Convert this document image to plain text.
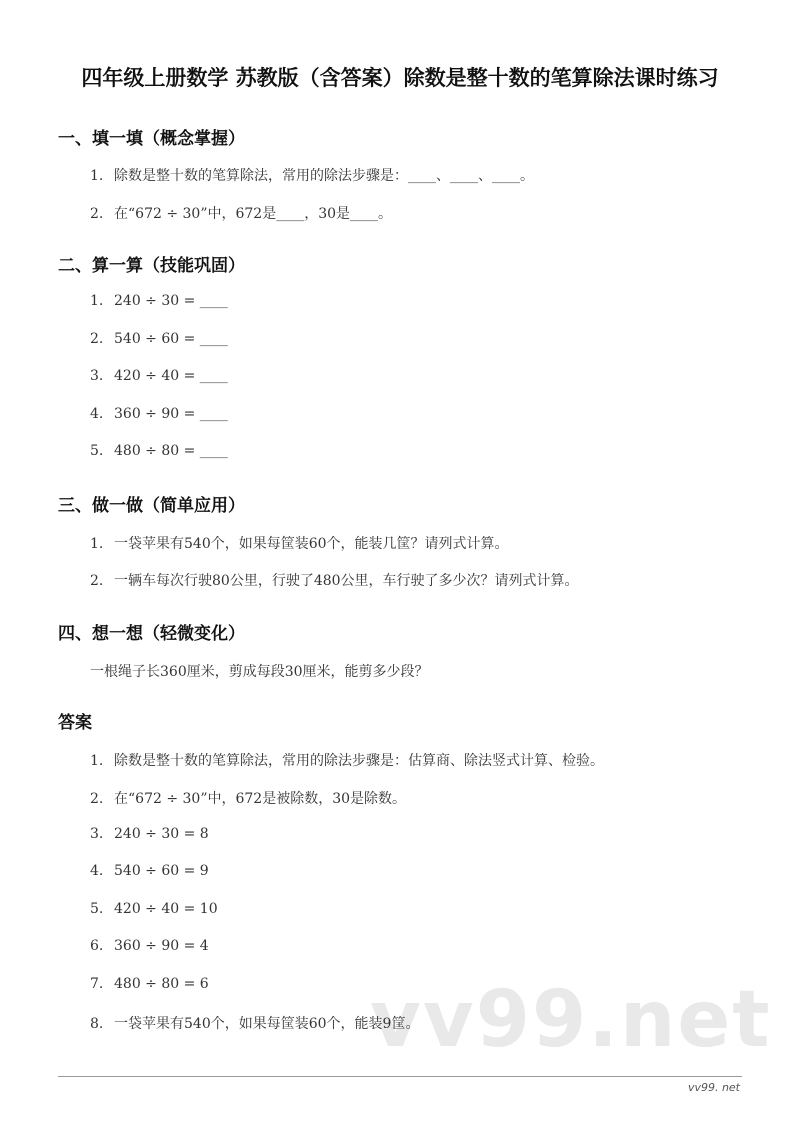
四年级上册数学 苏教版（含答案）除数是整十数的笔算除法课时练习
一、填一填（概念掌握）
1. 除数是整十数的笔算除法，常用的除法步骤是：____、____、____。
2. 在“672 ÷ 30”中，672是____，30是____。
二、算一算（技能巩固）
1. 240 ÷ 30 = ____
2. 540 ÷ 60 = ____
3. 420 ÷ 40 = ____
4. 360 ÷ 90 = ____
5. 480 ÷ 80 = ____
三、做一做（简单应用）
1. 一袋苹果有540个，如果每筐装60个，能装几筐？请列式计算。
2. 一辆车每次行驶80公里，行驶了480公里，车行驶了多少次？请列式计算。
四、想一想（轻微变化）
一根绳子长360厘米，剪成每段30厘米，能剪多少段？
答案
1. 除数是整十数的笔算除法，常用的除法步骤是：估算商、除法竖式计算、检验。
2. 在“672 ÷ 30”中，672是被除数，30是除数。
3. 240 ÷ 30 = 8
4. 540 ÷ 60 = 9
5. 420 ÷ 40 = 10
6. 360 ÷ 90 = 4
7. 480 ÷ 80 = 6 vv99.net
8. 一袋苹果有540个，如果每筐装60个，能装9筐。
vv99. net
